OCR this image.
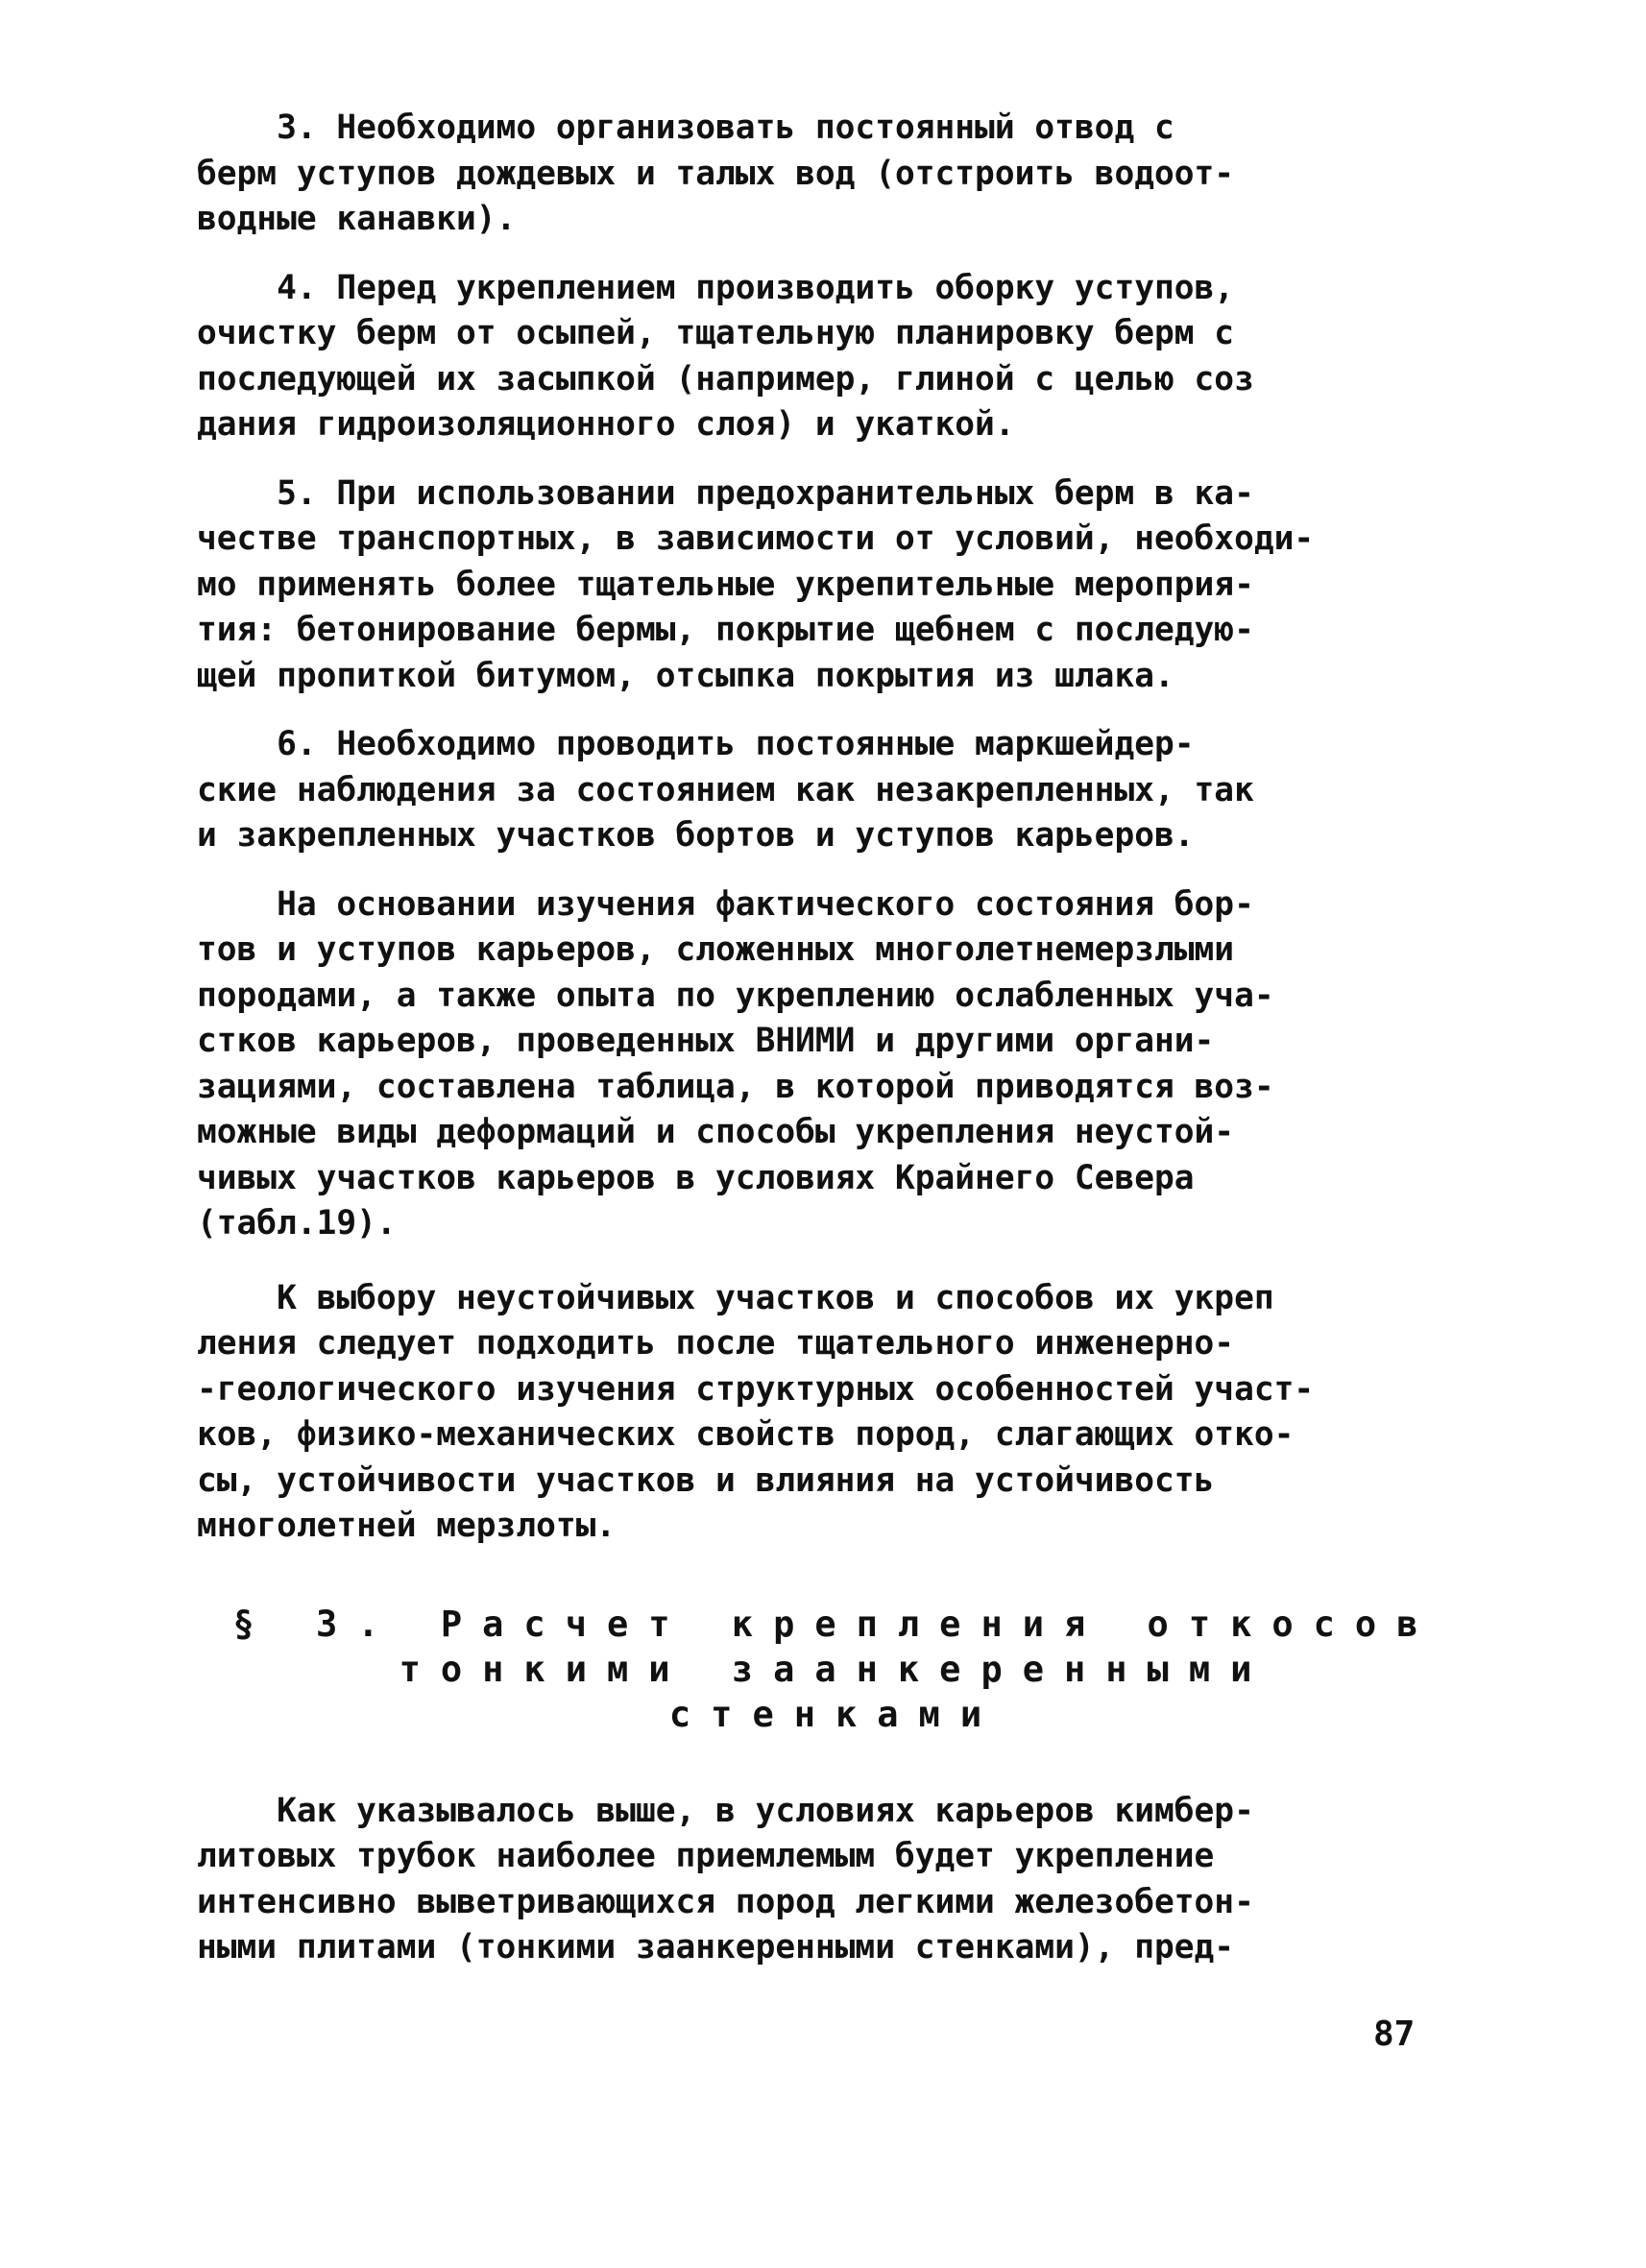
3. Необходимо организовать постоянный отвод с
берм уступов дождевых и талых вод (отстроить водоот-
водные канавки).

4. Перед укреплением производить оборку уступов,
очистку берм от осыпей, тщательную планировку берм с
последующей их засыпкой (например, глиной с целью соз
дания гидроизоляционного слоя) и укаткой.

5. При использовании предохранительных берм в ка-
честве транспортных, в зависимости от условий, необходи-
мо применять более тщательные укрепительные мероприя-
тия: бетонирование бермы, покрытие щебнем с последую-
щей пропиткой битумом, отсыпка покрытия из шлака.

6. Необходимо проводить постоянные маркшейдер-
ские наблюдения за состоянием как незакрепленных, так
и закрепленных участков бортов и уступов карьеров.

На основании изучения фактического состояния бор-
тов и уступов карьеров, сложенных многолетнемерзлыми
породами, а также опыта по укреплению ослабленных уча-
стков карьеров, проведенных ВНИМИ и другими органи-
зациями, составлена таблица, в которой приводятся воз-
можные виды деформаций и способы укрепления неустой-
чивых участков карьеров в условиях Крайнего Севера
(табл.19).

К выбору неустойчивых участков и способов их укреп
ления следует подходить после тщательного инженерно-
-геологического изучения структурных особенностей участ-
ков, физико-механических свойств пород, слагающих отко-
сы, устойчивости участков и влияния на устойчивость
многолетней мерзлоты.

§ 3. Расчет крепления откосов
тонкими заанкеренными
стенками

Как указывалось выше, в условиях карьеров кимбер-
литовых трубок наиболее приемлемым будет укрепление
интенсивно выветривающихся пород легкими железобетон-
ными плитами (тонкими заанкеренными стенками), пред-

87
